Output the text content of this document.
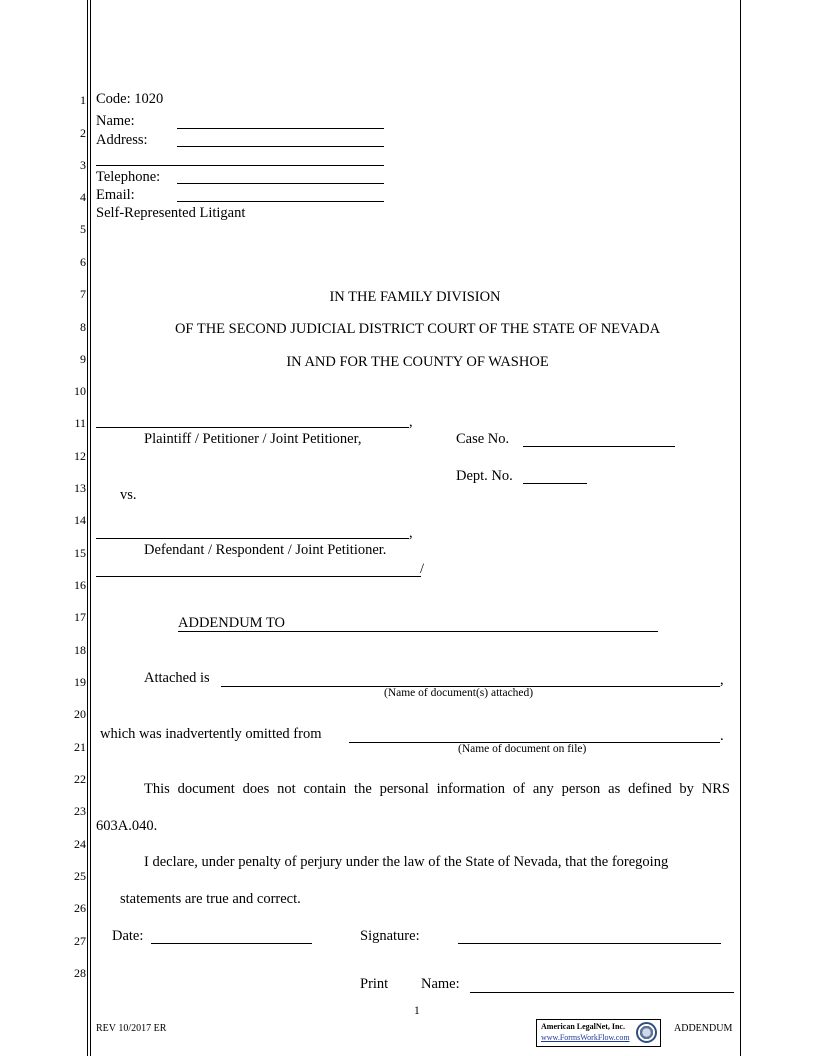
1
2
3
4
5
6
7
8
9
10
11
12
13
14
15
16
17
18
19
20
21
22
23
24
25
26
27
28
Code: 1020
Name:
Address:
Telephone:
Email:
Self-Represented Litigant
IN THE FAMILY DIVISION
OF THE SECOND JUDICIAL DISTRICT COURT OF THE STATE OF NEVADA
IN AND FOR THE COUNTY OF WASHOE
,
Plaintiff / Petitioner / Joint Petitioner,	Case No.
Dept. No.
vs.
,
Defendant / Respondent / Joint Petitioner.
/
ADDENDUM TO
Attached is	,
(Name of document(s) attached)
which was inadvertently omitted from	.
(Name of document on file)
This document does not contain the personal information of any person as defined by NRS
603A.040.
I declare, under penalty of perjury under the law of the State of Nevada, that the foregoing
statements are true and correct.
Date:	Signature:
Print Name:
1
REV 10/2017 ER	American LegalNet, Inc.
www.FormsWorkFlow.com
ADDENDUM
